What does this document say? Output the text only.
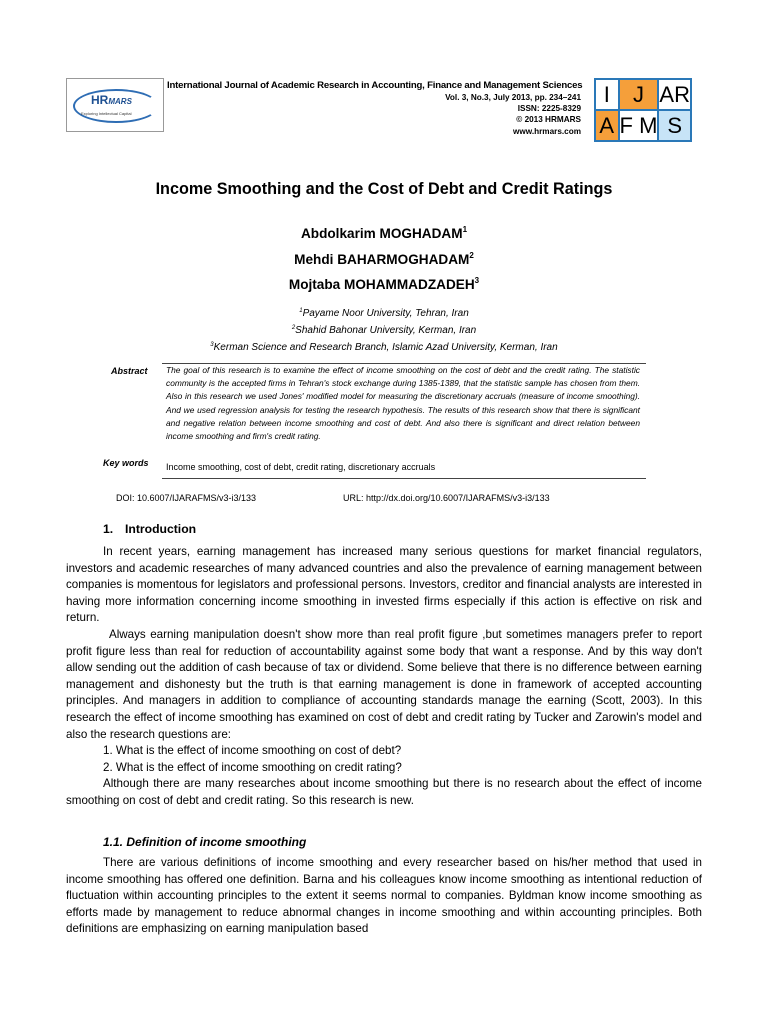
HRMARS
Exploring Intellectual Capital
International Journal of Academic Research in Accounting, Finance and Management Sciences
Vol. 3, No.3, July 2013, pp. 234–241
ISSN: 2225-8329
© 2013 HRMARS
www.hrmars.com
I	J A R
A F
M S
Income Smoothing and the Cost of Debt and Credit Ratings
Abdolkarim MOGHADAM$^1$
Mehdi BAHARMOGHADAM$^2$
Mojtaba MOHAMMADZADEH$^3$
$^1$Payame Noor University, Tehran, Iran
$^2$Shahid Bahonar University, Kerman, Iran
$^3$Kerman Science and Research Branch, Islamic Azad University, Kerman, Iran
Abstract The goal of this research is to examine the effect of income smoothing on the cost of debt and the credit rating. The statistic community is the accepted firms in Tehran's stock exchange during 1385-1389, that the statistic sample has chosen from them. Also in this research we used Jones' modified model for measuring the discretionary accruals (measure of income smoothing). And we used regression analysis for testing the research hypothesis. The results of this research show that there is significant and negative relation between income smoothing and cost of debt. And also there is significant and direct relation between income smoothing and firm's credit rating.
Key words Income smoothing, cost of debt, credit rating, discretionary accruals
DOI: 10.6007/IJARAFMS/v3-i3/133	URL: http://dx.doi.org/10.6007/IJARAFMS/v3-i3/133
1. Introduction

In recent years, earning management has increased many serious questions for market financial regulators, investors and academic researches of many advanced countries and also the prevalence of earning management between companies is momentous for legislators and professional persons. Investors, creditor and financial analysts are interested in having more information concerning income smoothing in invested firms especially if this action is effective on risk and return.

Always earning manipulation doesn't show more than real profit figure ,but sometimes managers prefer to report profit figure less than real for reduction of accountability against some body that want a response. And by this way don't allow sending out the addition of cash because of tax or dividend. Some believe that there is no difference between earning management and dishonesty but the truth is that earning management is done in framework of accepted accounting principles. And managers in addition to compliance of accounting standards manage the earning (Scott, 2003). In this research the effect of income smoothing has examined on cost of debt and credit rating by Tucker and Zarowin's model and also the research questions are:

1. What is the effect of income smoothing on cost of debt?

2. What is the effect of income smoothing on credit rating?

Although there are many researches about income smoothing but there is no research about the effect of income smoothing on cost of debt and credit rating. So this research is new.

1.1. Definition of income smoothing

There are various definitions of income smoothing and every researcher based on his/her method that used in income smoothing has offered one definition. Barna and his colleagues know income smoothing as intentional reduction of fluctuation within accounting principles to the extent it seems normal to companies. Byldman know income smoothing as efforts made by management to reduce abnormal changes in income smoothing and within accounting principles. Both definitions are emphasizing on earning manipulation based
